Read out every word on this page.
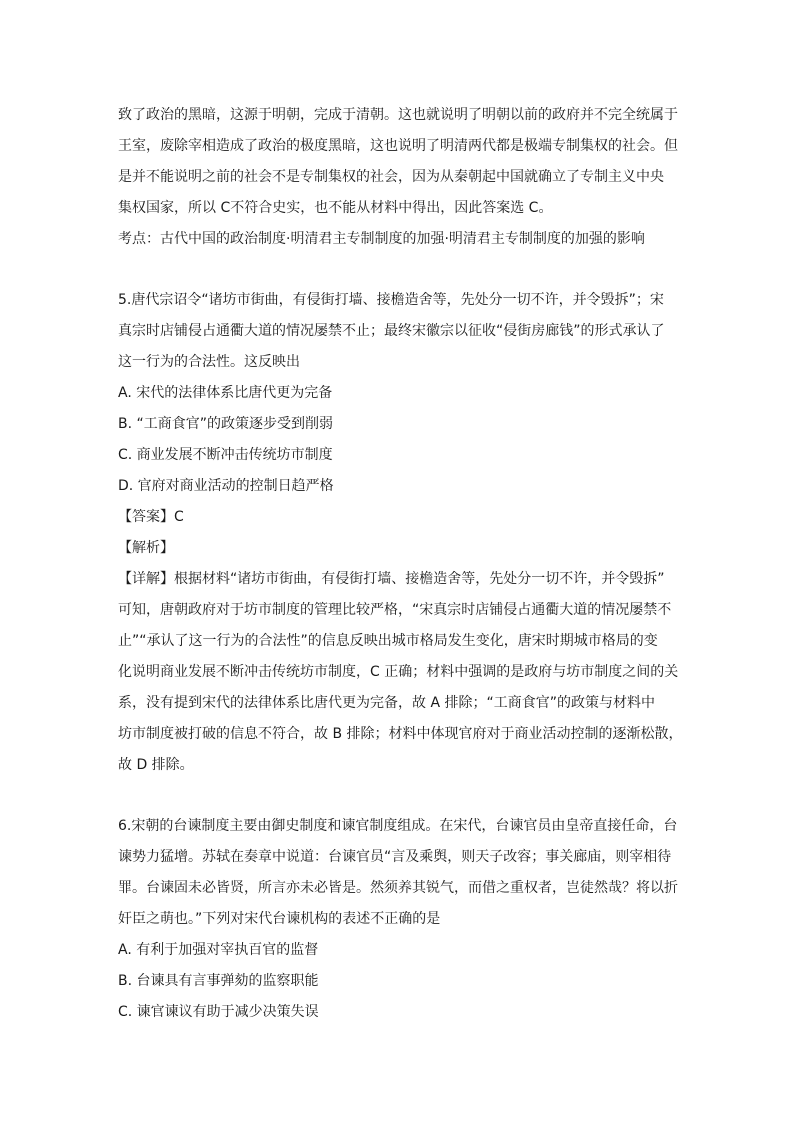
致了政治的黑暗，这源于明朝，完成于清朝。这也就说明了明朝以前的政府并不完全统属于
王室，废除宰相造成了政治的极度黑暗，这也说明了明清两代都是极端专制集权的社会。但
是并不能说明之前的社会不是专制集权的社会，因为从秦朝起中国就确立了专制主义中央
集权国家，所以 C不符合史实，也不能从材料中得出，因此答案选 C。
考点：古代中国的政治制度·明清君主专制制度的加强·明清君主专制制度的加强的影响
5.唐代宗诏令“诸坊市街曲，有侵街打墙、接檐造舍等，先处分一切不许，并令毁拆”；宋
真宗时店铺侵占通衢大道的情况屡禁不止；最终宋徽宗以征收“侵街房廊钱”的形式承认了
这一行为的合法性。这反映出
A. 宋代的法律体系比唐代更为完备
B. “工商食官”的政策逐步受到削弱
C. 商业发展不断冲击传统坊市制度
D. 官府对商业活动的控制日趋严格
【答案】C
【解析】
【详解】根据材料“诸坊市街曲，有侵街打墙、接檐造舍等，先处分一切不许，并令毁拆”
可知，唐朝政府对于坊市制度的管理比较严格，“宋真宗时店铺侵占通衢大道的情况屡禁不
止”“承认了这一行为的合法性”的信息反映出城市格局发生变化，唐宋时期城市格局的变
化说明商业发展不断冲击传统坊市制度，C 正确；材料中强调的是政府与坊市制度之间的关
系，没有提到宋代的法律体系比唐代更为完备，故 A 排除；“工商食官”的政策与材料中
坊市制度被打破的信息不符合，故 B 排除；材料中体现官府对于商业活动控制的逐渐松散，
故 D 排除。
6.宋朝的台谏制度主要由御史制度和谏官制度组成。在宋代，台谏官员由皇帝直接任命，台
谏势力猛增。苏轼在奏章中说道：台谏官员“言及乘舆，则天子改容；事关廊庙，则宰相待
罪。台谏固未必皆贤，所言亦未必皆是。然须养其锐气，而借之重权者，岂徒然哉？将以折
奸臣之萌也。”下列对宋代台谏机构的表述不正确的是
A. 有利于加强对宰执百官的监督
B. 台谏具有言事弹劾的监察职能
C. 谏官谏议有助于减少决策失误
